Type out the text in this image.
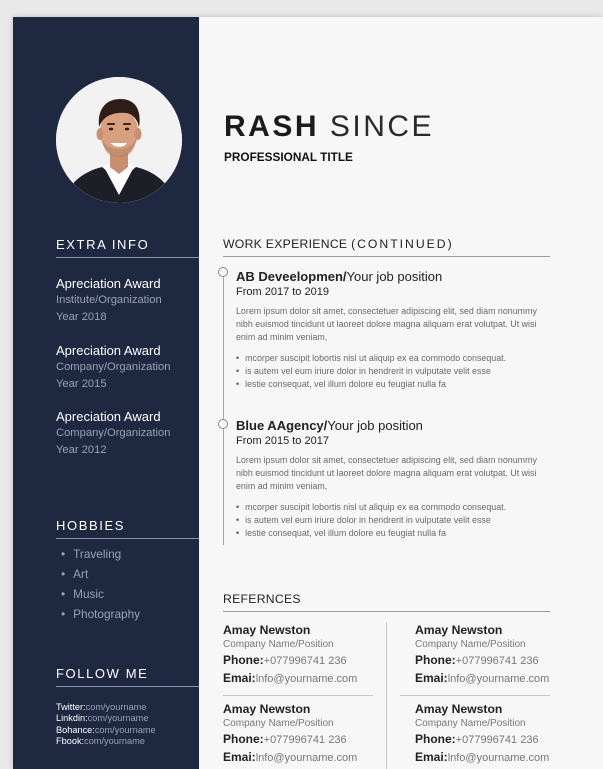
EXTRA INFO
Apreciation Award
Institute/Organization
Year 2018
Apreciation Award
Company/Organization
Year 2015
Apreciation Award
Company/Organization
Year 2012
HOBBIES
• Traveling
• Art
• Music
• Photography
FOLLOW ME
Twitter:com/yourname
Linkdin:com/yourname
Bohance:com/yourname
Fbook:com/yourname
RASH SINCE
PROFESSIONAL TITLE
WORK EXPERIENCE (CONTINUED)
AB Deveelopmen/Your job position
From 2017 to 2019
Lorem ipsum dolor sit amet, consectetuer adipiscing elit, sed diam nonummy nibh euismod tincidunt ut laoreet dolore magna aliquam erat volutpat. Ut wisi enim ad minim veniam,
• mcorper suscipit lobortis nisl ut aliquip ex ea commodo consequat.
• is autem vel eum iriure dolor in hendrerit in vulputate velit esse
• lestie consequat, vel illum dolore eu feugiat nulla fa
Blue AAgency/Your job position
From 2015 to 2017
Lorem ipsum dolor sit amet, consectetuer adipiscing elit, sed diam nonummy nibh euismod tincidunt ut laoreet dolore magna aliquam erat volutpat. Ut wisi enim ad minim veniam,
• mcorper suscipit lobortis nisl ut aliquip ex ea commodo consequat.
• is autem vel eum iriure dolor in hendrerit in vulputate velit esse
• lestie consequat, vel illum dolore eu feugiat nulla fa
REFERNCES
Amay Newston
Company Name/Position
Phone:+077996741 236
Emai:lnfo@yourname.com
Amay Newston
Company Name/Position
Phone:+077996741 236
Emai:lnfo@yourname.com
Amay Newston
Company Name/Position
Phone:+077996741 236
Emai:lnfo@yourname.com
Amay Newston
Company Name/Position
Phone:+077996741 236
Emai:lnfo@yourname.com
